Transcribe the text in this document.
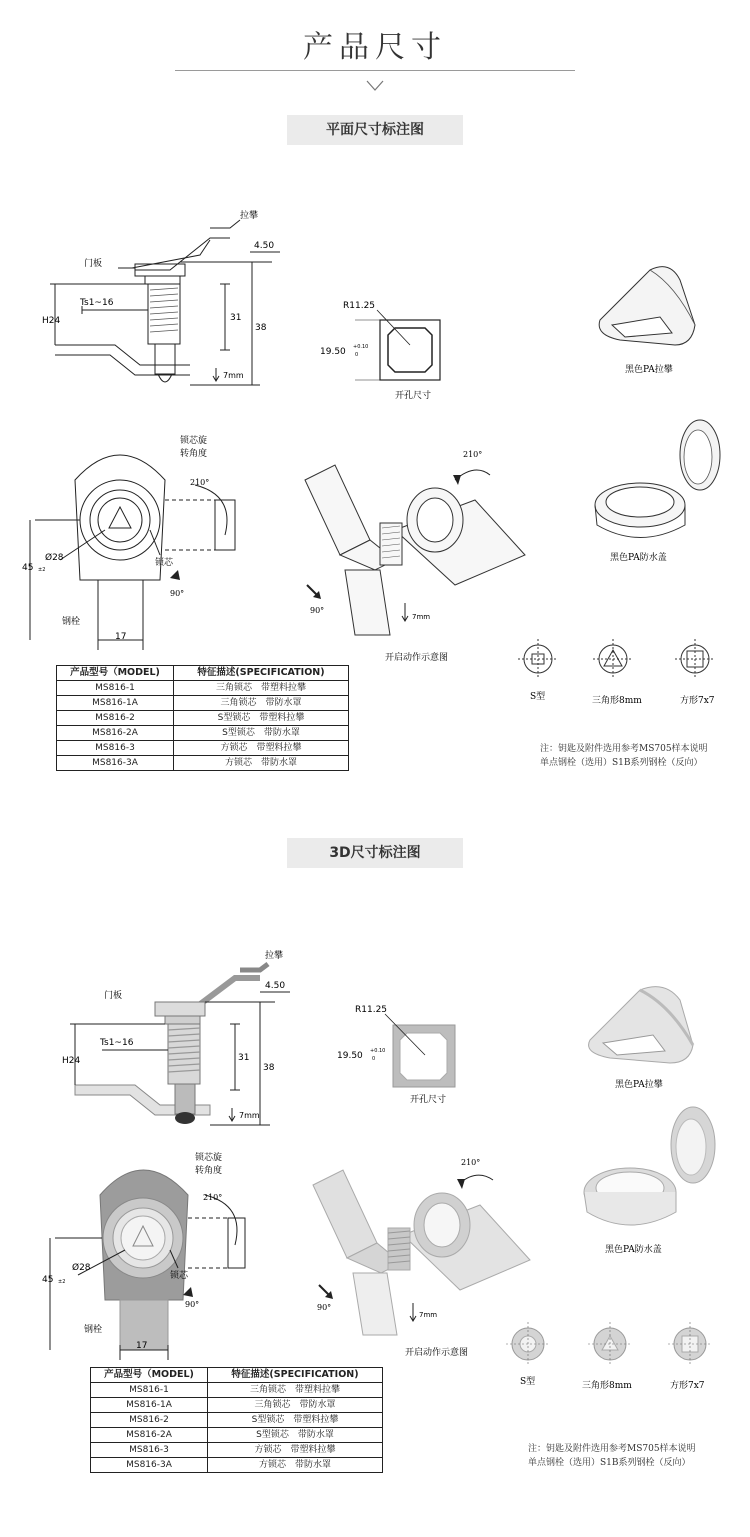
产品尺寸
平面尺寸标注图
拉攀
门板
4.50
Ts1~16
H24	31
38
7mm
R11.25
19.50 +0.10
0
开孔尺寸
黑色PA拉攀
黑色PA防水盖
锁芯旋
转角度
210°
Ø28
45 ±2
锁芯
90°
钢栓
17
210°
90°
7mm
开启动作示意图
S型	三角形8mm	方形7x7
产品型号（MODEL)	特征描述(SPECIFICATION)
MS816-1	三角锁芯　带塑料拉攀
MS816-1A	三角锁芯　带防水罩
MS816-2	S型锁芯　带塑料拉攀
MS816-2A	S型锁芯　带防水罩
MS816-3	方锁芯　带塑料拉攀
MS816-3A	方锁芯　带防水罩
注：钥匙及附件选用参考MS705样本说明
单点钢栓（选用）S1B系列钢栓（反向）
3D尺寸标注图
拉攀
门板
4.50
Ts1~16
H24	31
38
7mm
R11.25
19.50 +0.10
0
开孔尺寸
黑色PA拉攀
黑色PA防水盖
锁芯旋
转角度
210°
Ø28
45 ±2
锁芯
90°
钢栓
17
210°
90°
7mm
开启动作示意图
S型	三角形8mm	方形7x7
产品型号（MODEL)	特征描述(SPECIFICATION)
MS816-1	三角锁芯　带塑料拉攀
MS816-1A	三角锁芯　带防水罩
MS816-2	S型锁芯　带塑料拉攀
MS816-2A	S型锁芯　带防水罩
MS816-3	方锁芯　带塑料拉攀
MS816-3A	方锁芯　带防水罩
注：钥匙及附件选用参考MS705样本说明
单点钢栓（选用）S1B系列钢栓（反向）
